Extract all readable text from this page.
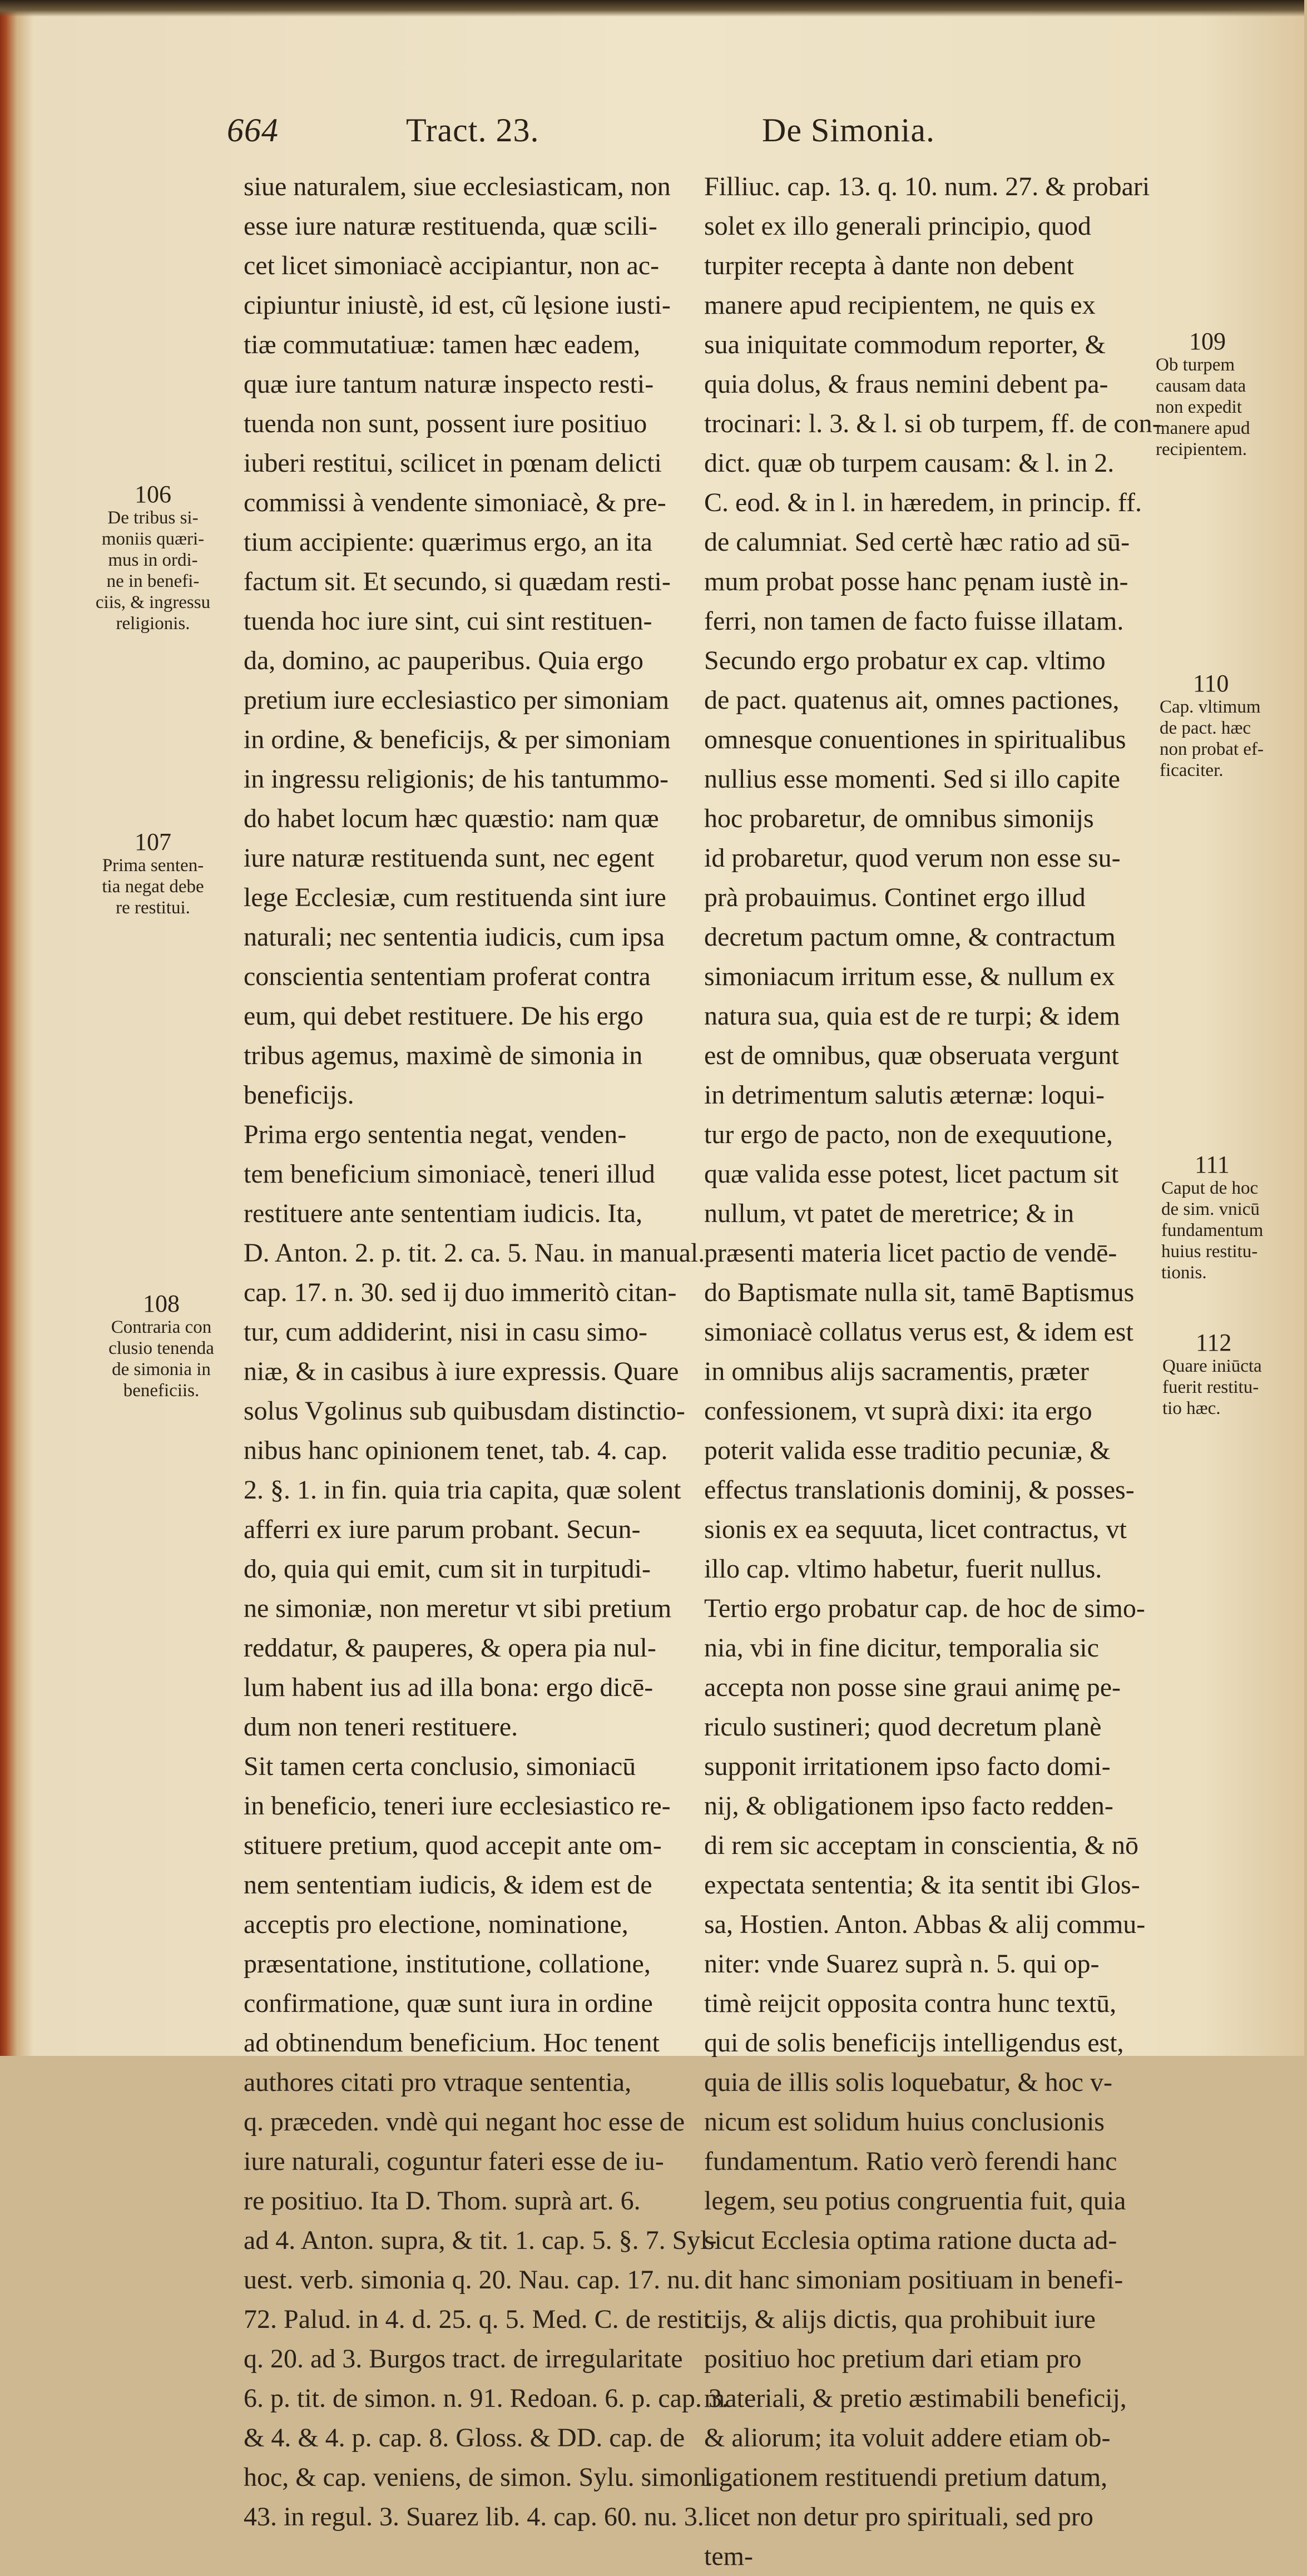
664	Tract. 23.	De Simonia.
siue naturalem, siue ecclesiasticam, non
esse iure naturæ restituenda, quæ scili-
cet licet simoniacè accipiantur, non ac-
cipiuntur iniustè, id est, cũ lęsione iusti-
tiæ commutatiuæ: tamen hæc eadem,
quæ iure tantum naturæ inspecto resti-
tuenda non sunt, possent iure positiuo
iuberi restitui, scilicet in pœnam delicti
commissi à vendente simoniacè, & pre-
tium accipiente: quærimus ergo, an ita
factum sit. Et secundo, si quædam resti-
tuenda hoc iure sint, cui sint restituen-
da, domino, ac pauperibus. Quia ergo
pretium iure ecclesiastico per simoniam
in ordine, & beneficijs, & per simoniam
in ingressu religionis; de his tantummo-
do habet locum hæc quæstio: nam quæ
iure naturæ restituenda sunt, nec egent
lege Ecclesiæ, cum restituenda sint iure
naturali; nec sententia iudicis, cum ipsa
conscientia sententiam proferat contra
eum, qui debet restituere. De his ergo
tribus agemus, maximè de simonia in
beneficijs.
Prima ergo sententia negat, venden-
tem beneficium simoniacè, teneri illud
restituere ante sententiam iudicis. Ita,
D. Anton. 2. p. tit. 2. ca. 5. Nau. in manual.
cap. 17. n. 30. sed ij duo immeritò citan-
tur, cum addiderint, nisi in casu simo-
niæ, & in casibus à iure expressis. Quare
solus Vgolinus sub quibusdam distinctio-
nibus hanc opinionem tenet, tab. 4. cap.
2. §. 1. in fin. quia tria capita, quæ solent
afferri ex iure parum probant. Secun-
do, quia qui emit, cum sit in turpitudi-
ne simoniæ, non meretur vt sibi pretium
reddatur, & pauperes, & opera pia nul-
lum habent ius ad illa bona: ergo dicē-
dum non teneri restituere.
Sit tamen certa conclusio, simoniacū
in beneficio, teneri iure ecclesiastico re-
stituere pretium, quod accepit ante om-
nem sententiam iudicis, & idem est de
acceptis pro electione, nominatione,
præsentatione, institutione, collatione,
confirmatione, quæ sunt iura in ordine
ad obtinendum beneficium. Hoc tenent
authores citati pro vtraque sententia,
q. præceden. vndè qui negant hoc esse de
iure naturali, coguntur fateri esse de iu-
re positiuo. Ita D. Thom. suprà art. 6.
ad 4. Anton. supra, & tit. 1. cap. 5. §. 7. Syl-
uest. verb. simonia q. 20. Nau. cap. 17. nu.
72. Palud. in 4. d. 25. q. 5. Med. C. de restit.
q. 20. ad 3. Burgos tract. de irregularitate
6. p. tit. de simon. n. 91. Redoan. 6. p. cap. 3.
& 4. & 4. p. cap. 8. Gloss. & DD. cap. de
hoc, & cap. veniens, de simon. Sylu. simon.
43. in regul. 3. Suarez lib. 4. cap. 60. nu. 3.
Filliuc. cap. 13. q. 10. num. 27. & probari
solet ex illo generali principio, quod
turpiter recepta à dante non debent
manere apud recipientem, ne quis ex
sua iniquitate commodum reporter, &
quia dolus, & fraus nemini debent pa-
trocinari: l. 3. & l. si ob turpem, ff. de con-
dict. quæ ob turpem causam: & l. in 2.
C. eod. & in l. in hæredem, in princip. ff.
de calumniat. Sed certè hæc ratio ad sū-
mum probat posse hanc pęnam iustè in-
ferri, non tamen de facto fuisse illatam.
Secundo ergo probatur ex cap. vltimo
de pact. quatenus ait, omnes pactiones,
omnesque conuentiones in spiritualibus
nullius esse momenti. Sed si illo capite
hoc probaretur, de omnibus simonijs
id probaretur, quod verum non esse su-
prà probauimus. Continet ergo illud
decretum pactum omne, & contractum
simoniacum irritum esse, & nullum ex
natura sua, quia est de re turpi; & idem
est de omnibus, quæ obseruata vergunt
in detrimentum salutis æternæ: loqui-
tur ergo de pacto, non de exequutione,
quæ valida esse potest, licet pactum sit
nullum, vt patet de meretrice; & in
præsenti materia licet pactio de vendē-
do Baptismate nulla sit, tamē Baptismus
simoniacè collatus verus est, & idem est
in omnibus alijs sacramentis, præter
confessionem, vt suprà dixi: ita ergo
poterit valida esse traditio pecuniæ, &
effectus translationis dominij, & posses-
sionis ex ea sequuta, licet contractus, vt
illo cap. vltimo habetur, fuerit nullus.
Tertio ergo probatur cap. de hoc de simo-
nia, vbi in fine dicitur, temporalia sic
accepta non posse sine graui animę pe-
riculo sustineri; quod decretum planè
supponit irritationem ipso facto domi-
nij, & obligationem ipso facto redden-
di rem sic acceptam in conscientia, & nō
expectata sententia; & ita sentit ibi Glos-
sa, Hostien. Anton. Abbas & alij commu-
niter: vnde Suarez suprà n. 5. qui op-
timè reijcit opposita contra hunc textū,
qui de solis beneficijs intelligendus est,
quia de illis solis loquebatur, & hoc v-
nicum est solidum huius conclusionis
fundamentum. Ratio verò ferendi hanc
legem, seu potius congruentia fuit, quia
sicut Ecclesia optima ratione ducta ad-
dit hanc simoniam positiuam in benefi-
cijs, & alijs dictis, qua prohibuit iure
positiuo hoc pretium dari etiam pro
materiali, & pretio æstimabili beneficij,
& aliorum; ita voluit addere etiam ob-
ligationem restituendi pretium datum,
licet non detur pro spirituali, sed pro
tem-
106
De tribus si-
moniis quæri-
mus in ordi-
ne in benefi-
ciis, & ingressu
religionis.
107
Prima senten-
tia negat debe
re restitui.
108
Contraria con
clusio tenenda
de simonia in
beneficiis.
109
Ob turpem
causam data
non expedit
manere apud
recipientem.
110
Cap. vltimum
de pact. hæc
non probat ef-
ficaciter.
111
Caput de hoc
de sim. vnicū
fundamentum
huius restitu-
tionis.
112
Quare iniūcta
fuerit restitu-
tio hæc.
